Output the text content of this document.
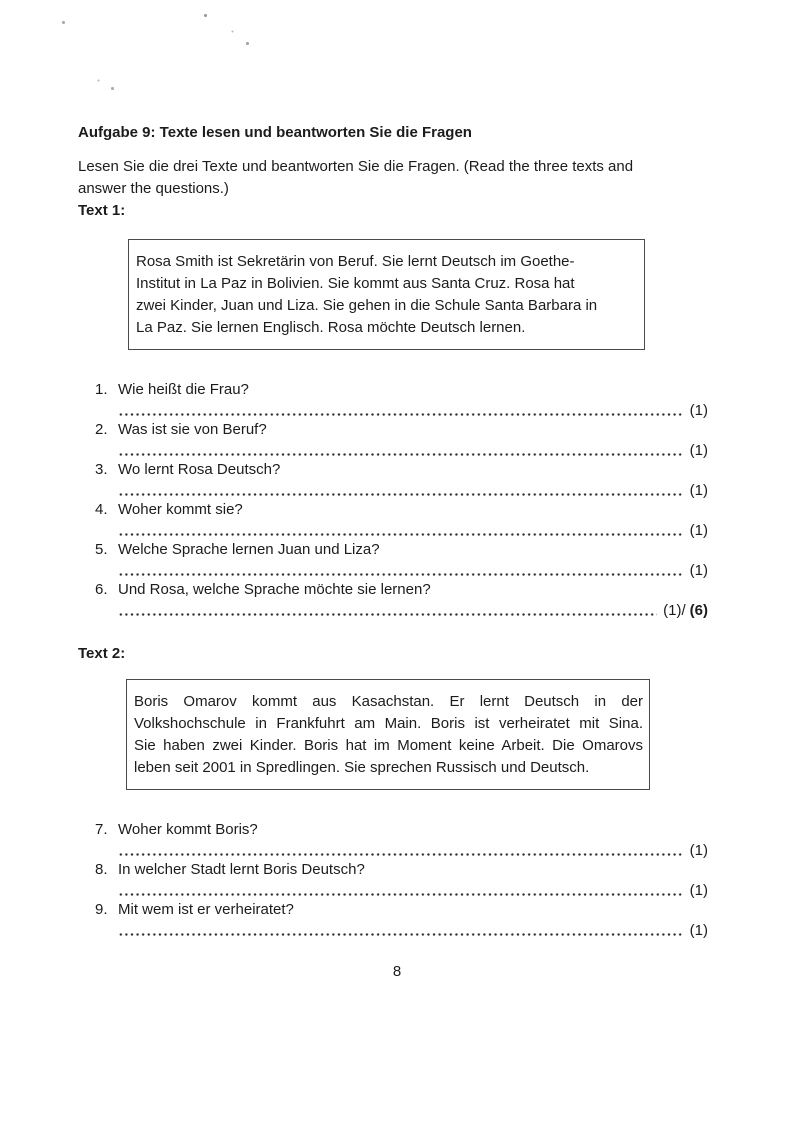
Aufgabe 9: Texte lesen und beantworten Sie die Fragen
Lesen Sie die drei Texte und beantworten Sie die Fragen. (Read the three texts and
answer the questions.)
Text 1:
Rosa Smith ist Sekretärin von Beruf. Sie lernt Deutsch im Goethe-
Institut in La Paz in Bolivien. Sie kommt aus Santa Cruz. Rosa hat
zwei Kinder, Juan und Liza. Sie gehen in die Schule Santa Barbara in
La Paz. Sie lernen Englisch. Rosa möchte Deutsch lernen.
1. Wie heißt die Frau?
(1)
2. Was ist sie von Beruf?
(1)
3. Wo lernt Rosa Deutsch?
(1)
4. Woher kommt sie?
(1)
5. Welche Sprache lernen Juan und Liza?
(1)
6. Und Rosa, welche Sprache möchte sie lernen?
(1)/ (6)
Text 2:
Boris Omarov kommt aus Kasachstan. Er lernt Deutsch in der
Volkshochschule in Frankfuhrt am Main. Boris ist verheiratet mit Sina.
Sie haben zwei Kinder. Boris hat im Moment keine Arbeit. Die Omarovs
leben seit 2001 in Spredlingen. Sie sprechen Russisch und Deutsch.
7. Woher kommt Boris?
(1)
8. In welcher Stadt lernt Boris Deutsch?
(1)
9. Mit wem ist er verheiratet?
(1)
8
